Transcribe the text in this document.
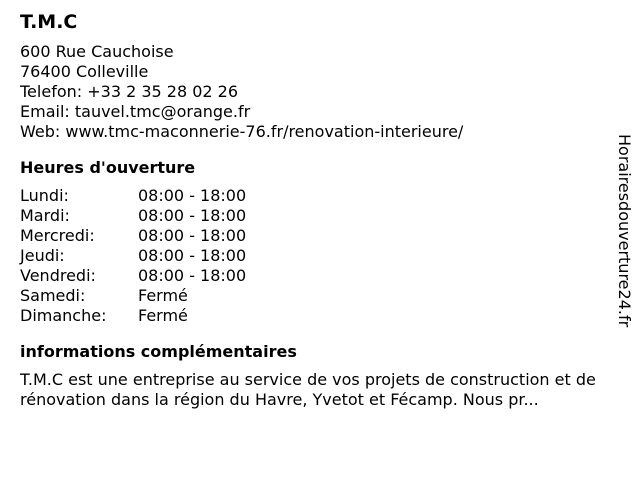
T.M.C
600 Rue Cauchoise
76400 Colleville
Telefon: +33 2 35 28 02 26
Email: tauvel.tmc@orange.fr
Web: www.tmc-maconnerie-76.fr/renovation-interieure/
Heures d'ouverture
Lundi:	08:00 - 18:00
Mardi:	08:00 - 18:00
Mercredi:	08:00 - 18:00
Jeudi:	08:00 - 18:00
Vendredi:	08:00 - 18:00
Samedi:	Fermé
Dimanche:	Fermé
informations complémentaires
T.M.C est une entreprise au service de vos projets de construction et de rénovation dans la région du Havre, Yvetot et Fécamp. Nous pr...
Horairesdouverture24.fr
